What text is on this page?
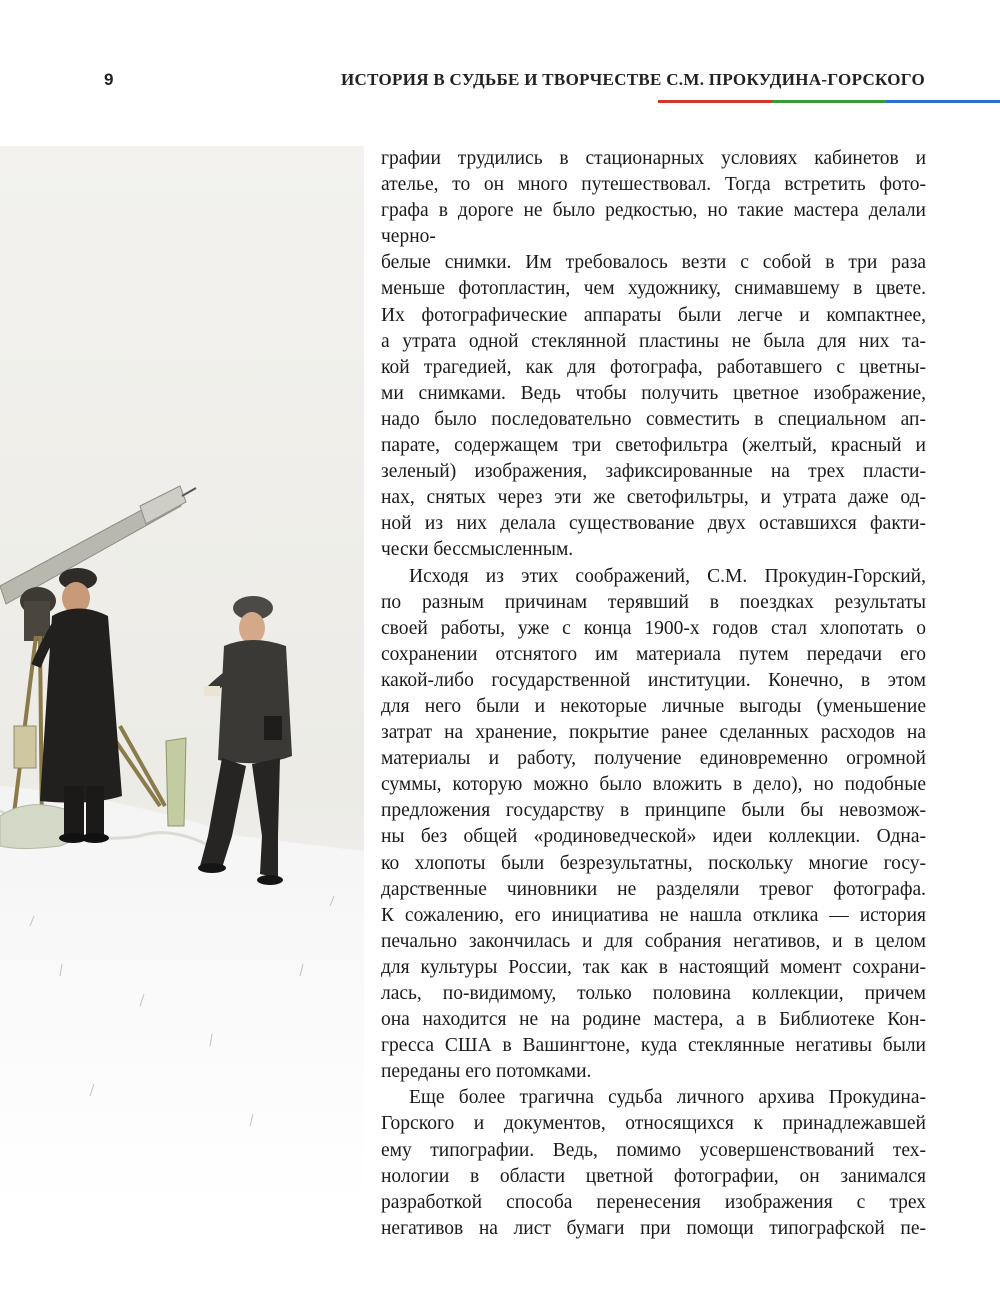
9	ИСТОРИЯ В СУДЬБЕ И ТВОРЧЕСТВЕ С.М. ПРОКУДИНА-ГОРСКОГО

графии трудились в стационарных условиях кабинетов и
ателье, то он много путешествовал. Тогда встретить фото-
графа в дороге не было редкостью, но такие мастера делали
черно-
белые снимки. Им требовалось везти с собой в три раза
меньше фотопластин, чем художнику, снимавшему в цвете.
Их фотографические аппараты были легче и компактнее,
а утрата одной стеклянной пластины не была для них та-
кой трагедией, как для фотографа, работавшего с цветны-
ми снимками. Ведь чтобы получить цветное изображение,
надо было последовательно совместить в специальном ап-
парате, содержащем три светофильтра (желтый, красный и
зеленый) изображения, зафиксированные на трех пласти-
нах, снятых через эти же светофильтры, и утрата даже од-
ной из них делала существование двух оставшихся факти-
чески бессмысленным.

Исходя из этих соображений, С.М. Прокудин-Горский,
по разным причинам терявший в поездках результаты
своей работы, уже с конца 1900-х годов стал хлопотать о
сохранении отснятого им материала путем передачи его
какой-либо государственной институции. Конечно, в этом
для него были и некоторые личные выгоды (уменьшение
затрат на хранение, покрытие ранее сделанных расходов на
материалы и работу, получение единовременно огромной
суммы, которую можно было вложить в дело), но подобные
предложения государству в принципе были бы невозмож-
ны без общей «родиноведческой» идеи коллекции. Одна-
ко хлопоты были безрезультатны, поскольку многие госу-
дарственные чиновники не разделяли тревог фотографа.
К сожалению, его инициатива не нашла отклика — история
печально закончилась и для собрания негативов, и в целом
для культуры России, так как в настоящий момент сохрани-
лась, по-видимому, только половина коллекции, причем
она находится не на родине мастера, а в Библиотеке Кон-
гресса США в Вашингтоне, куда стеклянные негативы были
переданы его потомками.

Еще более трагична судьба личного архива Прокудина-
Горского и документов, относящихся к принадлежавшей
ему типографии. Ведь, помимо усовершенствований тех-
нологии в области цветной фотографии, он занимался
разработкой способа перенесения изображения с трех
негативов на лист бумаги при помощи типографской пе-
